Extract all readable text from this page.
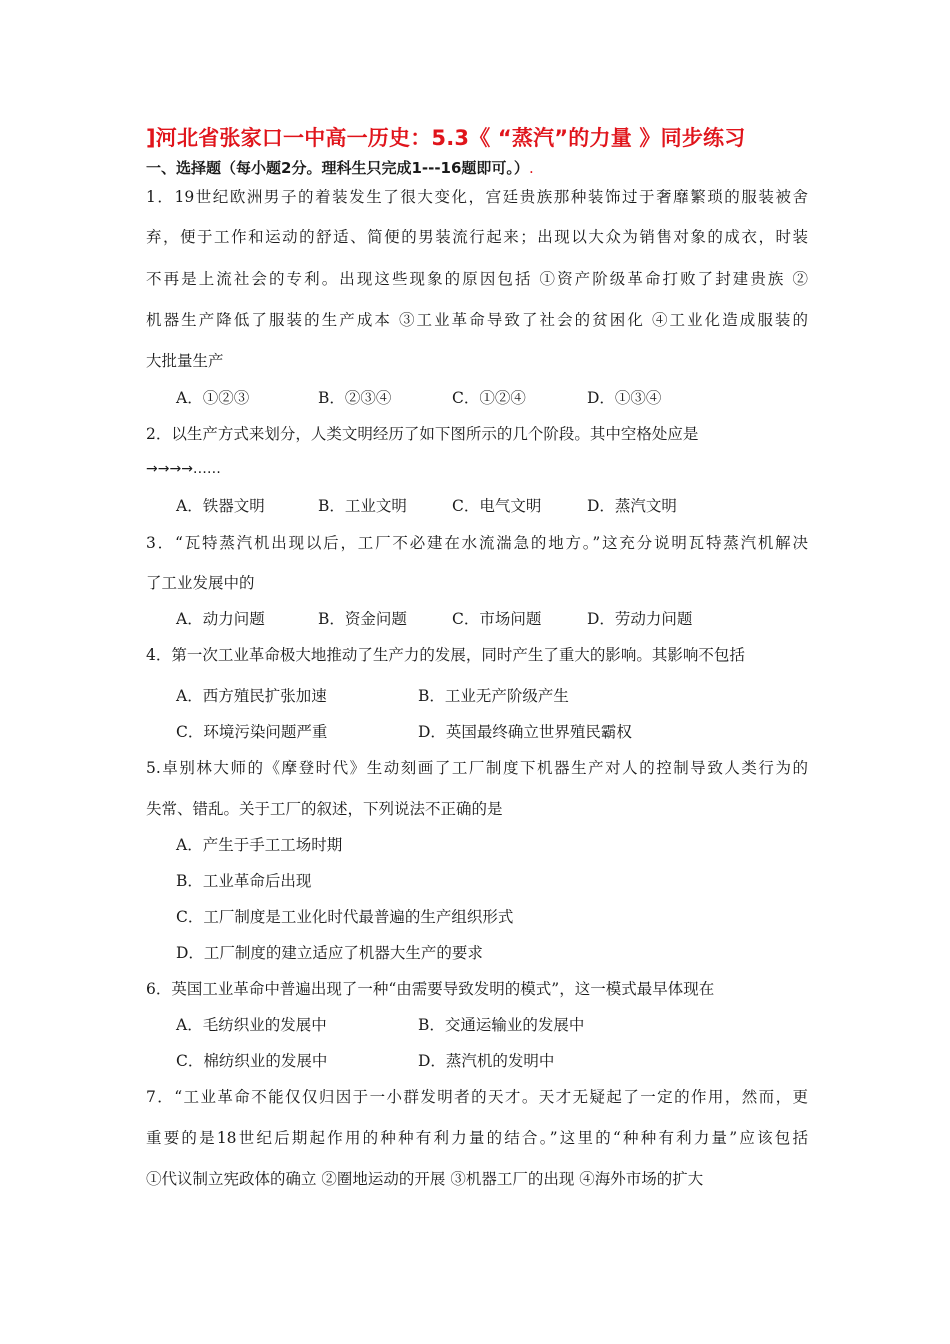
]河北省张家口一中高一历史：5.3《 “蒸汽”的力量 》同步练习
一、选择题（每小题2分。理科生只完成1---16题即可。）.
1．19世纪欧洲男子的着装发生了很大变化，宫廷贵族那种装饰过于奢靡繁琐的服装被舍
弃，便于工作和运动的舒适、简便的男装流行起来；出现以大众为销售对象的成衣，时装
不再是上流社会的专利。出现这些现象的原因包括 ①资产阶级革命打败了封建贵族 ②
机器生产降低了服装的生产成本 ③工业革命导致了社会的贫困化 ④工业化造成服装的
大批量生产
A．①②③	B．②③④	C．①②④	D．①③④
2．以生产方式来划分，人类文明经历了如下图所示的几个阶段。其中空格处应是
→→→→……
A．铁器文明	B．工业文明	C．电气文明	D．蒸汽文明
3．“瓦特蒸汽机出现以后，工厂不必建在水流湍急的地方。”这充分说明瓦特蒸汽机解决
了工业发展中的
A．动力问题	B．资金问题	C．市场问题	D．劳动力问题
4．第一次工业革命极大地推动了生产力的发展，同时产生了重大的影响。其影响不包括
A．西方殖民扩张加速	B．工业无产阶级产生
C．环境污染问题严重	D．英国最终确立世界殖民霸权
5.卓别林大师的《摩登时代》生动刻画了工厂制度下机器生产对人的控制导致人类行为的
失常、错乱。关于工厂的叙述，下列说法不正确的是
A．产生于手工工场时期
B．工业革命后出现
C．工厂制度是工业化时代最普遍的生产组织形式
D．工厂制度的建立适应了机器大生产的要求
6．英国工业革命中普遍出现了一种“由需要导致发明的模式”，这一模式最早体现在
A．毛纺织业的发展中	B．交通运输业的发展中
C．棉纺织业的发展中	D．蒸汽机的发明中
7．“工业革命不能仅仅归因于一小群发明者的天才。天才无疑起了一定的作用，然而，更
重要的是18世纪后期起作用的种种有利力量的结合。”这里的“种种有利力量”应该包括
①代议制立宪政体的确立 ②圈地运动的开展 ③机器工厂的出现 ④海外市场的扩大
